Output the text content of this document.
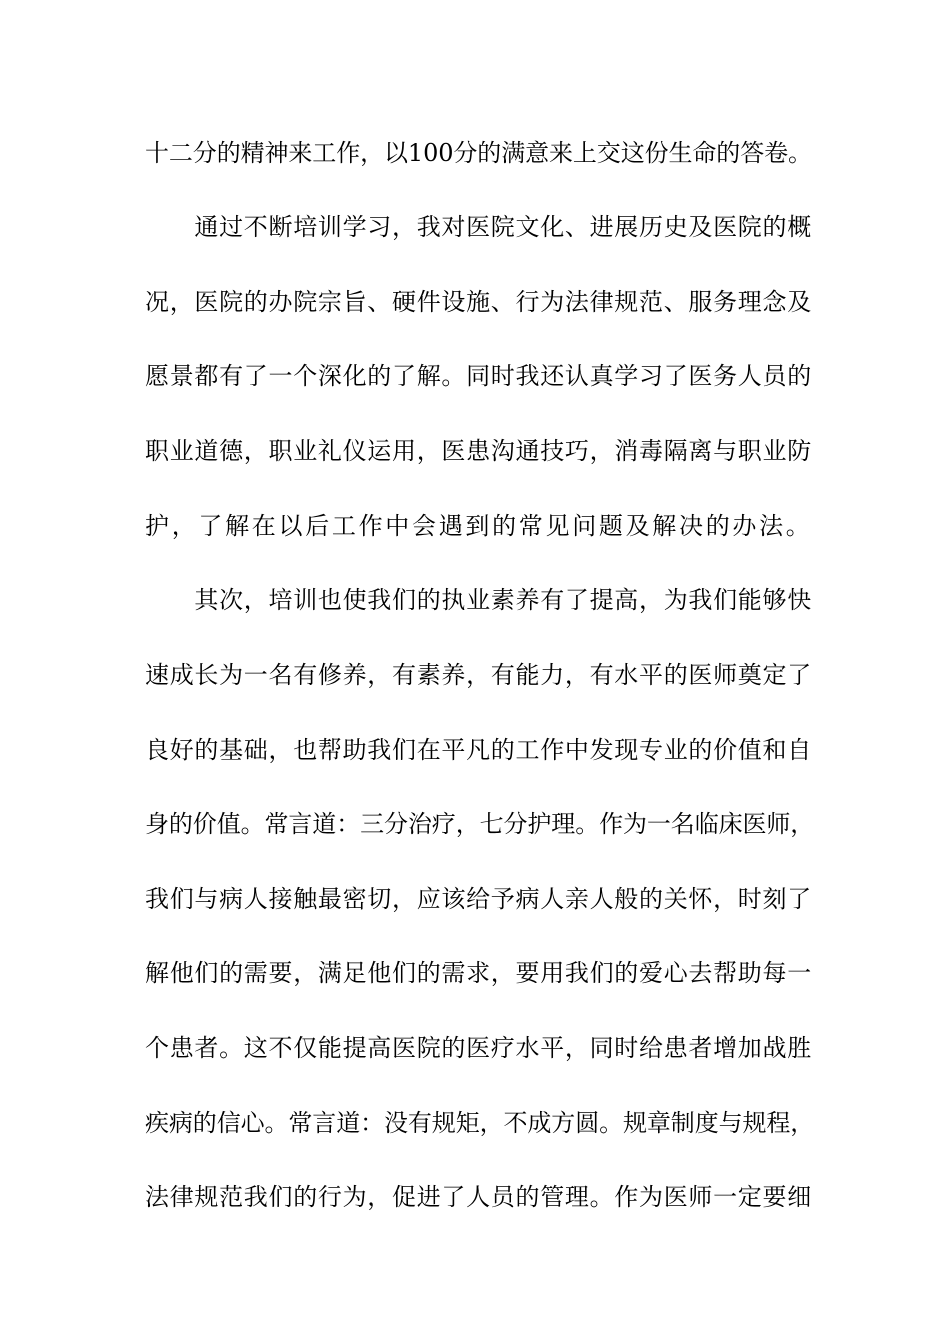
十二分的精神来工作，以100分的满意来上交这份生命的答卷。
　　通过不断培训学习，我对医院文化、进展历史及医院的概
况，医院的办院宗旨、硬件设施、行为法律规范、服务理念及
愿景都有了一个深化的了解。同时我还认真学习了医务人员的
职业道德，职业礼仪运用，医患沟通技巧，消毒隔离与职业防
护，了解在以后工作中会遇到的常见问题及解决的办法。
　　其次，培训也使我们的执业素养有了提高，为我们能够快
速成长为一名有修养，有素养，有能力，有水平的医师奠定了
良好的基础，也帮助我们在平凡的工作中发现专业的价值和自
身的价值。常言道：三分治疗，七分护理。作为一名临床医师，
我们与病人接触最密切，应该给予病人亲人般的关怀，时刻了
解他们的需要，满足他们的需求，要用我们的爱心去帮助每一
个患者。这不仅能提高医院的医疗水平，同时给患者增加战胜
疾病的信心。常言道：没有规矩，不成方圆。规章制度与规程，
法律规范我们的行为，促进了人员的管理。作为医师一定要细
